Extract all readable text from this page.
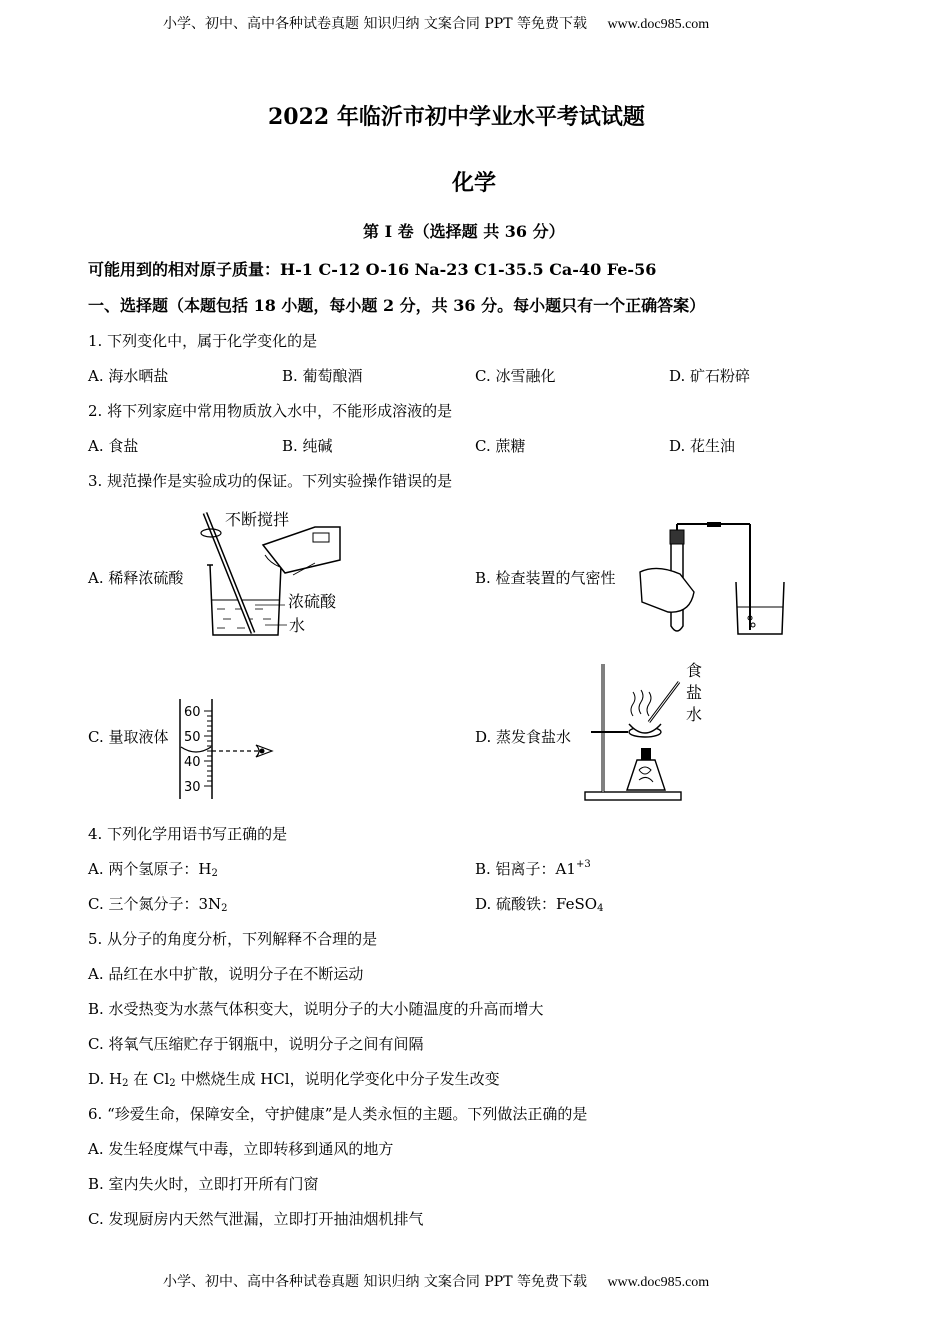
小学、初中、高中各种试卷真题 知识归纳 文案合同 PPT 等免费下载 www.doc985.com
2022 年临沂市初中学业水平考试试题
化学
第 I 卷（选择题 共 36 分）
可能用到的相对原子质量：H-1 C-12 O-16 Na-23 C1-35.5 Ca-40 Fe-56
一、选择题（本题包括 18 小题，每小题 2 分，共 36 分。每小题只有一个正确答案）
1. 下列变化中，属于化学变化的是
A. 海水晒盐	B. 葡萄酿酒	C. 冰雪融化	D. 矿石粉碎
2. 将下列家庭中常用物质放入水中，不能形成溶液的是
A. 食盐	B. 纯碱	C. 蔗糖	D. 花生油
3. 规范操作是实验成功的保证。下列实验操作错误的是
A. 稀释浓硫酸	B. 检查装置的气密性
C. 量取液体	D. 蒸发食盐水
不断搅拌
浓硫酸
水
60
50
40
30
食
盐
水
4. 下列化学用语书写正确的是
A. 两个氢原子：$H_2$	B. 铝离子：$A1^{+3}$
C. 三个氮分子：$3N_2$	D. 硫酸铁：FeSO$_4$
5. 从分子的角度分析，下列解释不合理的是
A. 品红在水中扩散，说明分子在不断运动
B. 水受热变为水蒸气体积变大，说明分子的大小随温度的升高而增大
C. 将氧气压缩贮存于钢瓶中，说明分子之间有间隔
D. $H_2$ 在 $Cl_2$ 中燃烧生成 HCl，说明化学变化中分子发生改变
6. “珍爱生命，保障安全，守护健康”是人类永恒的主题。下列做法正确的是
A. 发生轻度煤气中毒，立即转移到通风的地方
B. 室内失火时，立即打开所有门窗
C. 发现厨房内天然气泄漏，立即打开抽油烟机排气
小学、初中、高中各种试卷真题 知识归纳 文案合同 PPT 等免费下载 www.doc985.com
